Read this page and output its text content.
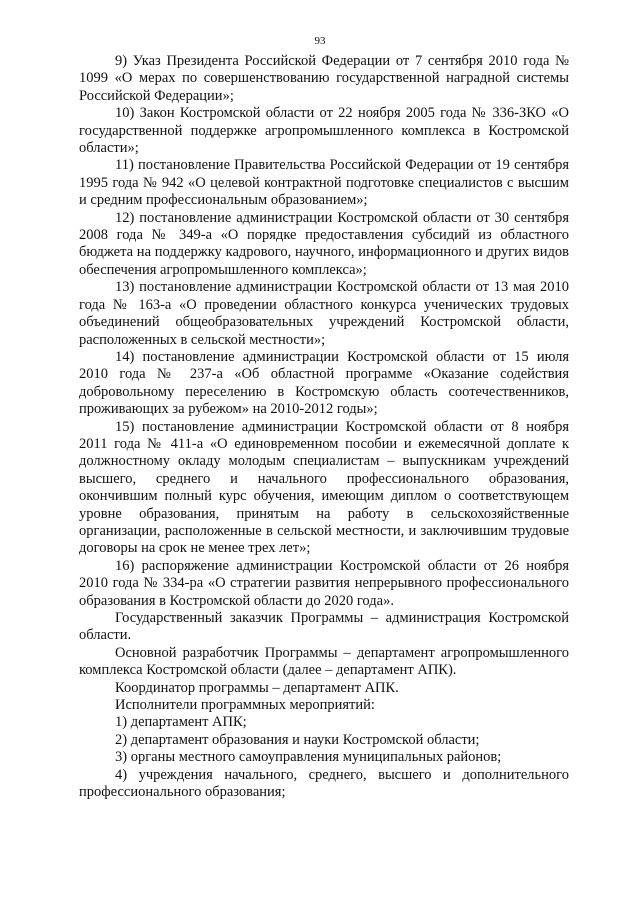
93

9) Указ Президента Российской Федерации от 7 сентября 2010 года № 1099 «О мерах по совершенствованию государственной наградной системы Российской Федерации»;

10) Закон Костромской области от 22 ноября 2005 года № 336-ЗКО «О государственной поддержке агропромышленного комплекса в Костромской области»;

11) постановление Правительства Российской Федерации от 19 сентября 1995 года № 942 «О целевой контрактной подготовке специалистов с высшим и средним профессиональным образованием»;

12) постановление администрации Костромской области от 30 сентября 2008 года № 349-а «О порядке предоставления субсидий из областного бюджета на поддержку кадрового, научного, информационного и других видов обеспечения агропромышленного комплекса»;

13) постановление администрации Костромской области от 13 мая 2010 года № 163-а «О проведении областного конкурса ученических трудовых объединений общеобразовательных учреждений Костромской области, расположенных в сельской местности»;

14) постановление администрации Костромской области от 15 июля 2010 года № 237-а «Об областной программе «Оказание содействия добровольному переселению в Костромскую область соотечественников, проживающих за рубежом» на 2010-2012 годы»;

15) постановление администрации Костромской области от 8 ноября 2011 года № 411-а «О единовременном пособии и ежемесячной доплате к должностному окладу молодым специалистам – выпускникам учреждений высшего, среднего и начального профессионального образования, окончившим полный курс обучения, имеющим диплом о соответствующем уровне образования, принятым на работу в сельскохозяйственные организации, расположенные в сельской местности, и заключившим трудовые договоры на срок не менее трех лет»;

16) распоряжение администрации Костромской области от 26 ноября 2010 года № 334-ра «О стратегии развития непрерывного профессионального образования в Костромской области до 2020 года».

Государственный заказчик Программы – администрация Костромской области.

Основной разработчик Программы – департамент агропромышленного комплекса Костромской области (далее – департамент АПК).

Координатор программы – департамент АПК.

Исполнители программных мероприятий:

1) департамент АПК;

2) департамент образования и науки Костромской области;

3) органы местного самоуправления муниципальных районов;

4) учреждения начального, среднего, высшего и дополнительного профессионального образования;
